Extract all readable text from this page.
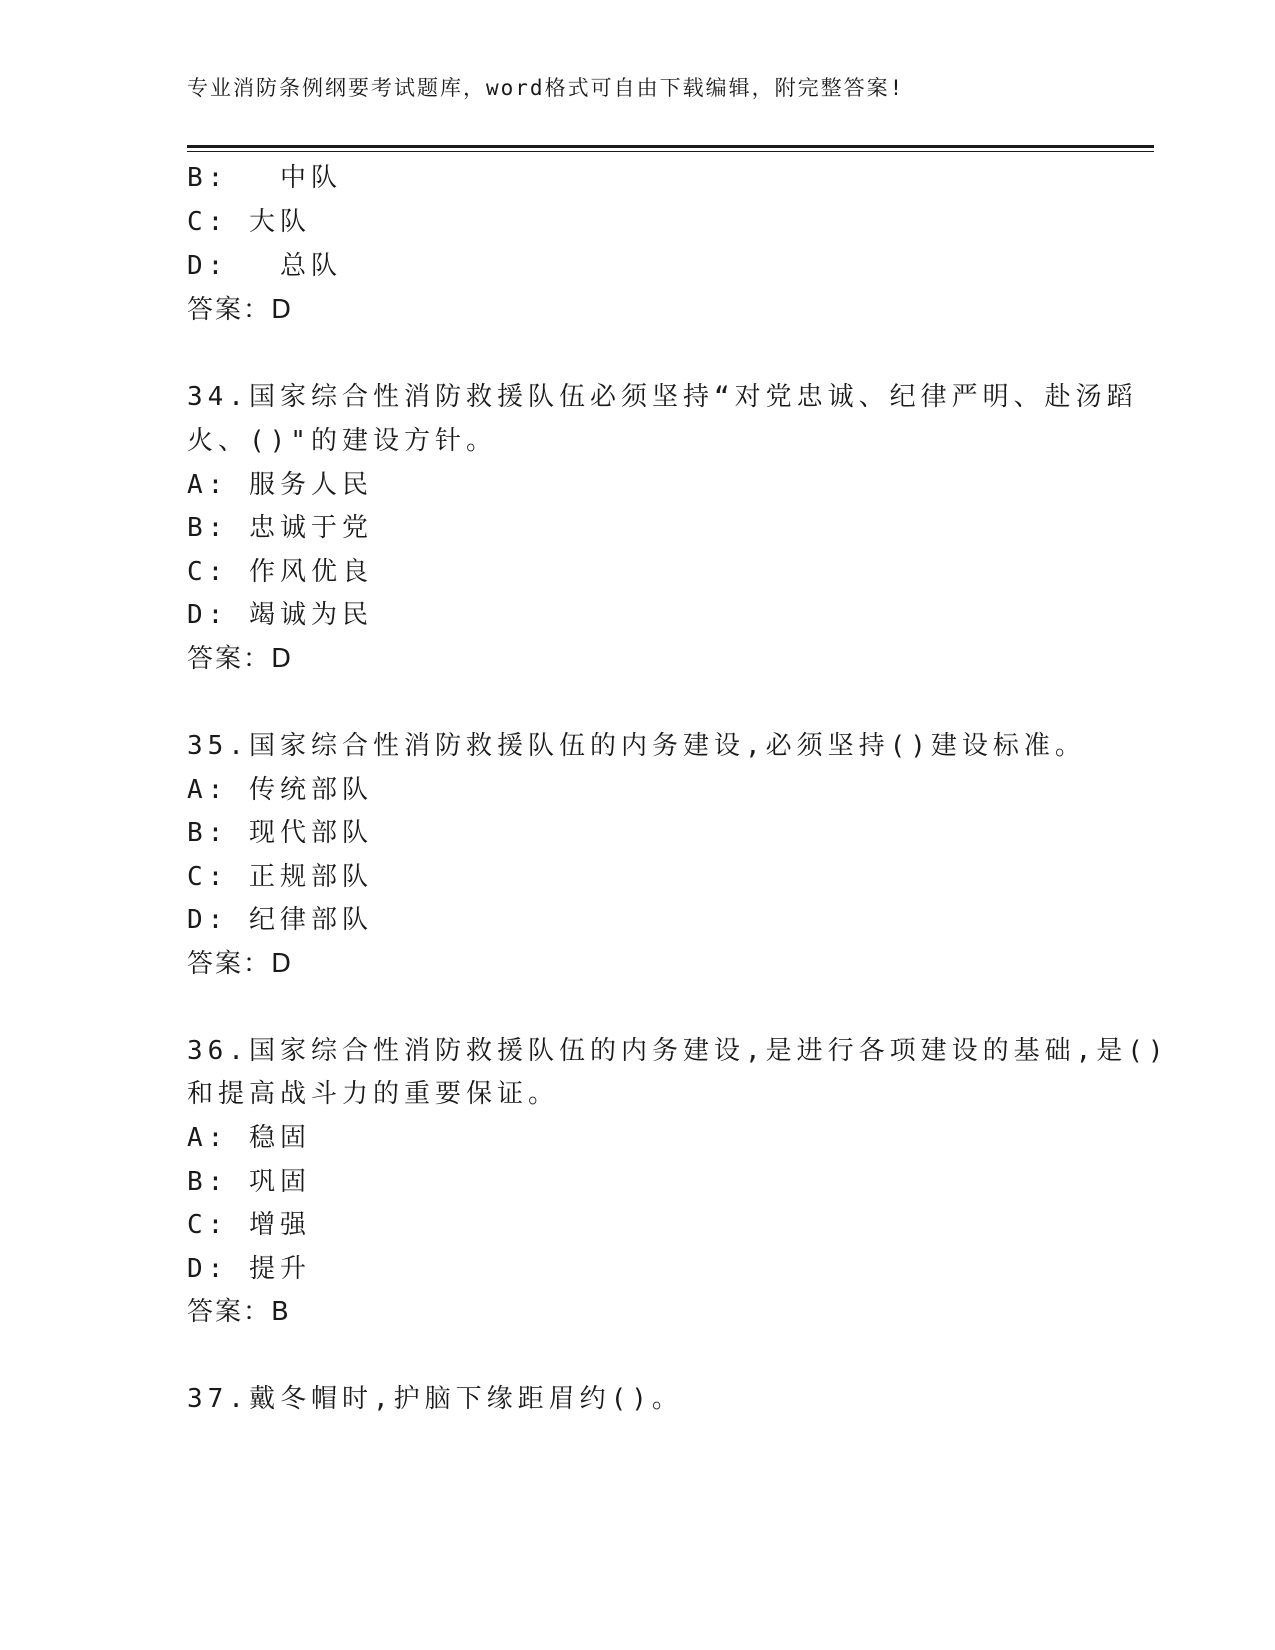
专业消防条例纲要考试题库，word格式可自由下载编辑，附完整答案!
B:　 中队
C: 大队
D:　 总队
答案：D
34.国家综合性消防救援队伍必须坚持“对党忠诚、纪律严明、赴汤蹈
火、()"的建设方针。
A: 服务人民
B: 忠诚于党
C: 作风优良
D: 竭诚为民
答案：D
35.国家综合性消防救援队伍的内务建设,必须坚持()建设标准。
A: 传统部队
B: 现代部队
C: 正规部队
D: 纪律部队
答案：D
36.国家综合性消防救援队伍的内务建设,是进行各项建设的基础,是()
和提高战斗力的重要保证。
A: 稳固
B: 巩固
C: 增强
D: 提升
答案：B
37.戴冬帽时,护脑下缘距眉约()。
